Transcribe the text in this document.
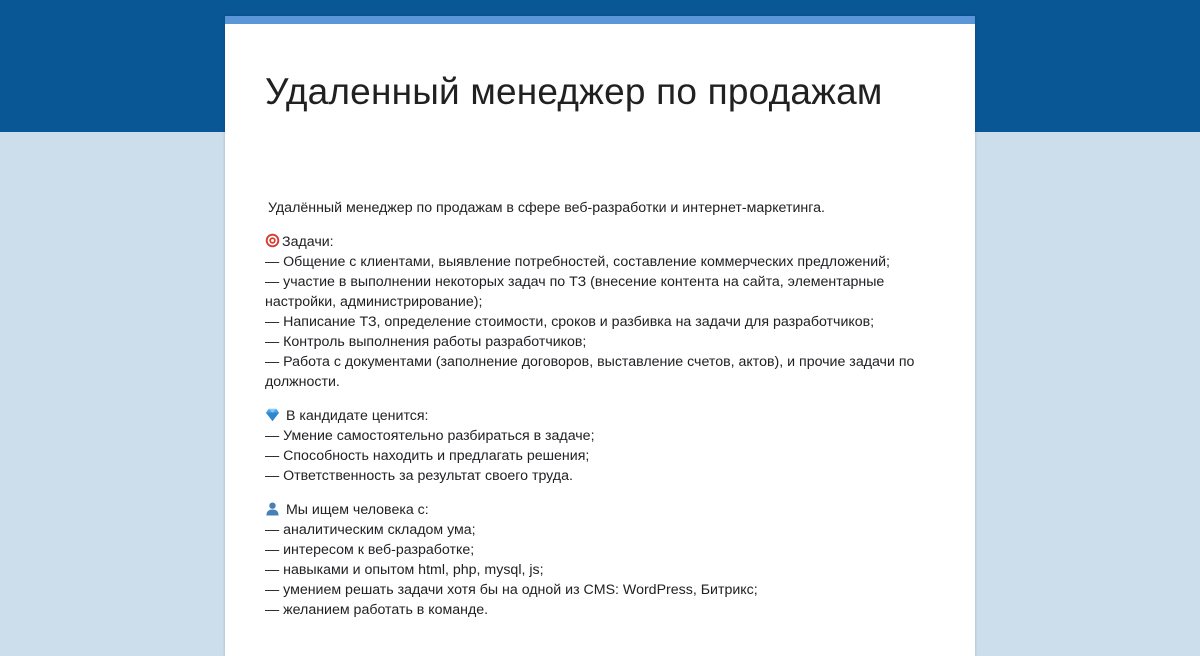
Удаленный менеджер по продажам

Удалённый менеджер по продажам в сфере веб-разработки и интернет-маркетинга.

Задачи:

— Общение с клиентами, выявление потребностей, составление коммерческих предложений;

— участие в выполнении некоторых задач по ТЗ (внесение контента на сайта, элементарные настройки, администрирование);

— Написание ТЗ, определение стоимости, сроков и разбивка на задачи для разработчиков;

— Контроль выполнения работы разработчиков;

— Работа с документами (заполнение договоров, выставление счетов, актов), и прочие задачи по должности.

В кандидате ценится:

— Умение самостоятельно разбираться в задаче;

— Способность находить и предлагать решения;

— Ответственность за результат своего труда.

Мы ищем человека с:

— аналитическим складом ума;

— интересом к веб-разработке;

— навыками и опытом html, php, mysql, js;

— умением решать задачи хотя бы на одной из CMS: WordPress, Битрикс;

— желанием работать в команде.
